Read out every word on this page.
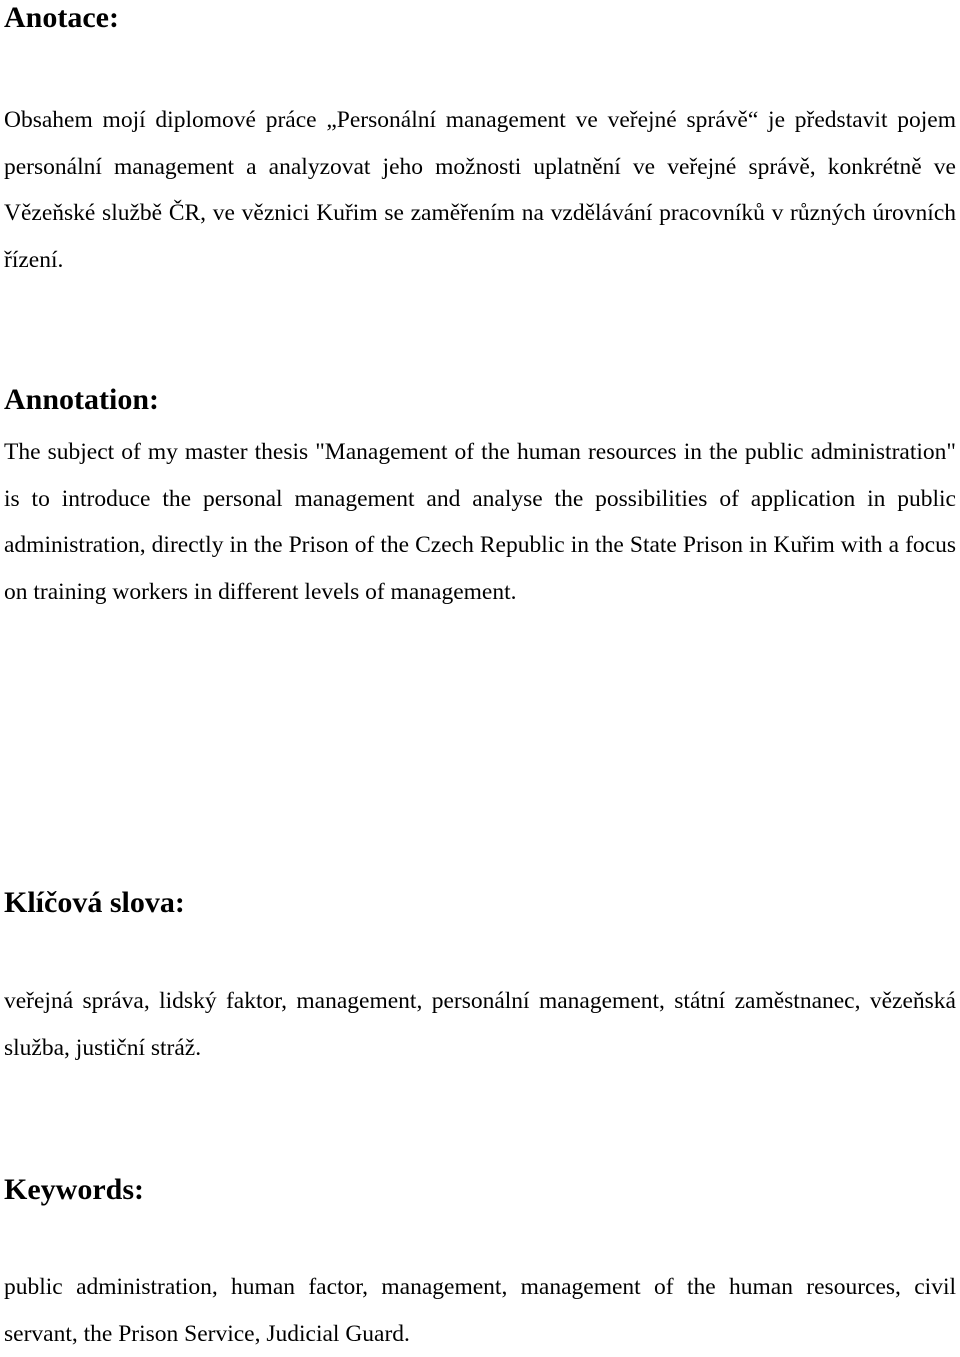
Anotace:

Obsahem mojí diplomové práce „Personální management ve veřejné správě“ je představit pojem personální management a analyzovat jeho možnosti uplatnění ve veřejné správě, konkrétně ve Vězeňské službě ČR, ve věznici Kuřim se zaměřením na vzdělávání pracovníků v různých úrovních řízení.

Annotation:

The subject of my master thesis "Management of the human resources in the public administration" is to introduce the personal management and analyse the possibilities of application in public administration, directly in the Prison of the Czech Republic in the State Prison in Kuřim with a focus on training workers in different levels of management.

Klíčová slova:

veřejná správa, lidský faktor, management, personální management, státní zaměstnanec, vězeňská služba, justiční stráž.

Keywords:

public administration, human factor, management, management of the human resources, civil servant, the Prison Service, Judicial Guard.
